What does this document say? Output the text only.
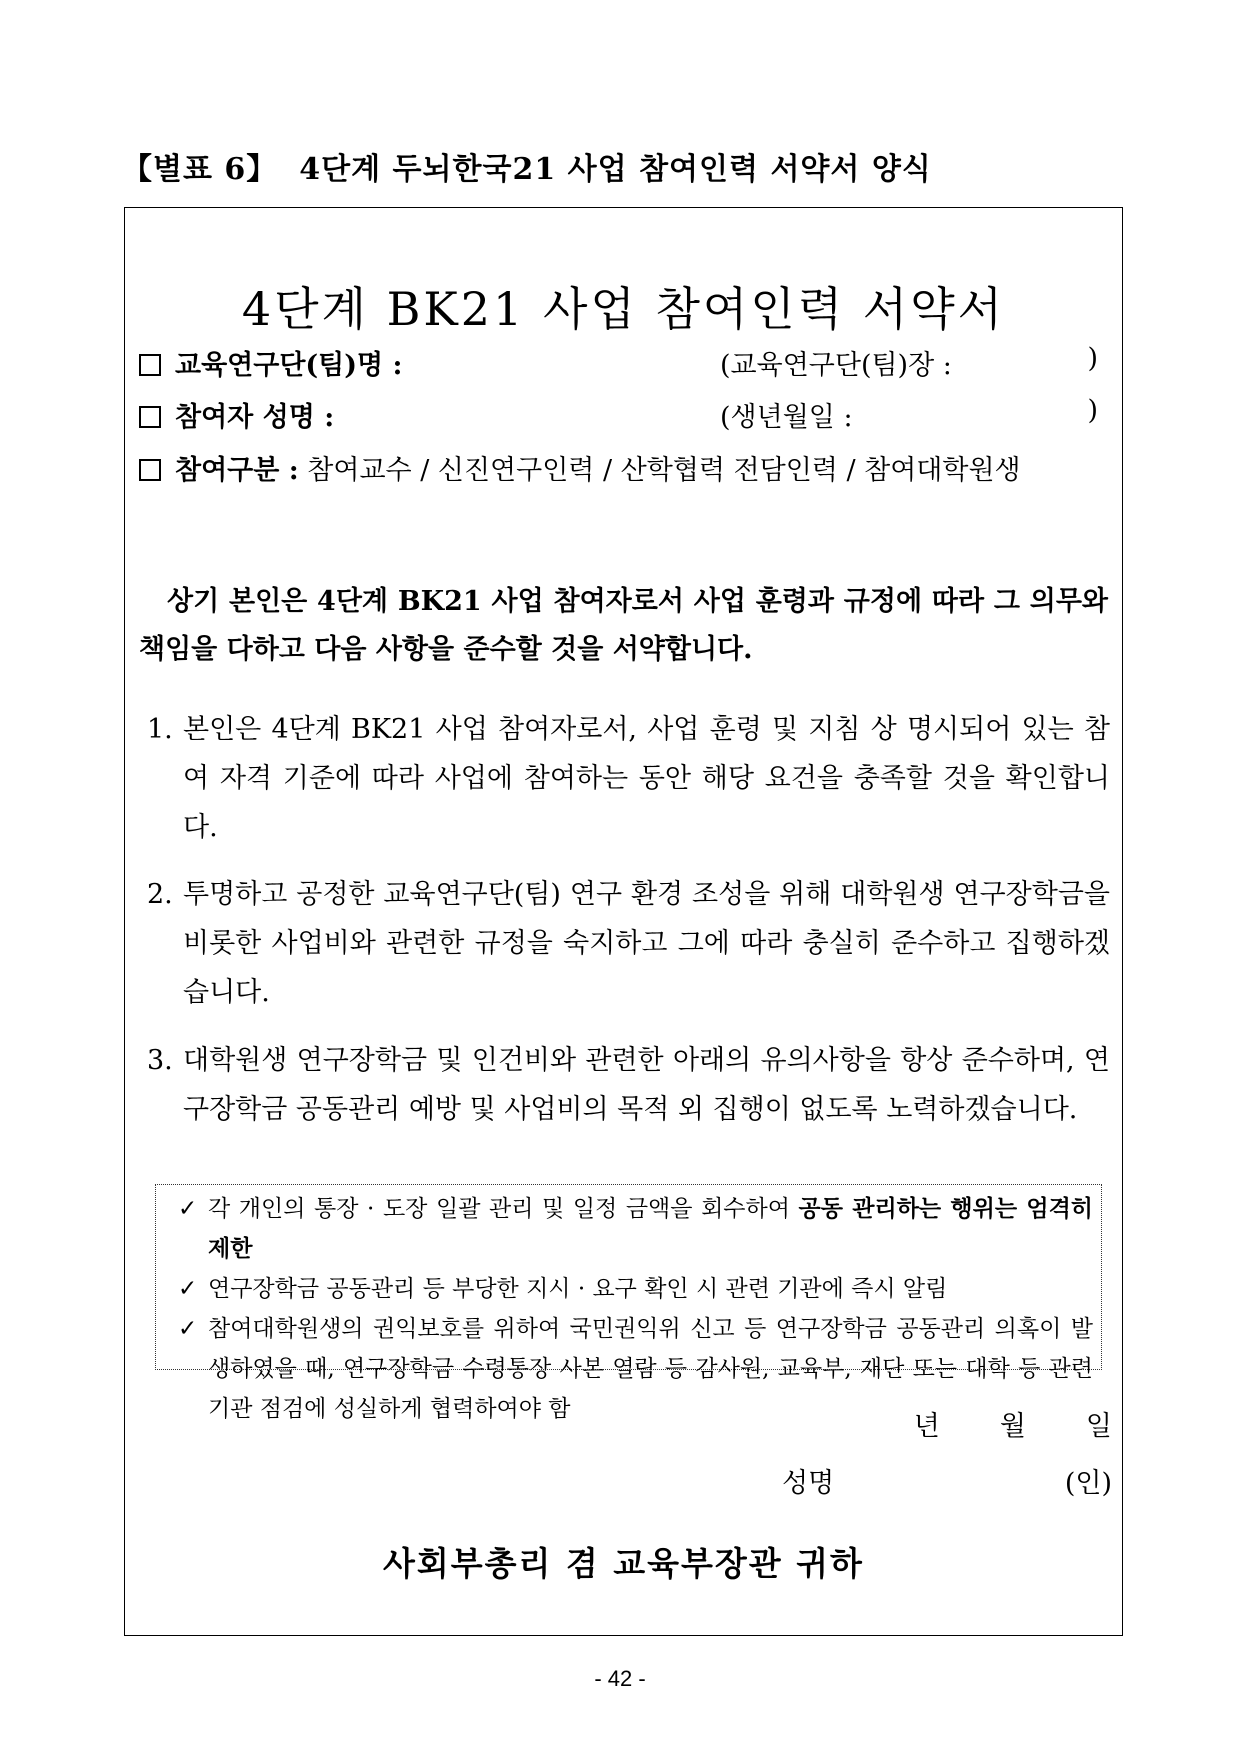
【별표 6】 4단계 두뇌한국21 사업 참여인력 서약서 양식
4단계 BK21 사업 참여인력 서약서
교육연구단(팀)명 :	(교육연구단(팀)장 :	)
참여자 성명 :	(생년월일 :	)
참여구분 : 참여교수 / 신진연구인력 / 산학협력 전담인력 / 참여대학원생
상기 본인은 4단계 BK21 사업 참여자로서 사업 훈령과 규정에 따라 그 의무와 책임을 다하고 다음 사항을 준수할 것을 서약합니다.
1. 본인은 4단계 BK21 사업 참여자로서, 사업 훈령 및 지침 상 명시되어 있는 참여 자격 기준에 따라 사업에 참여하는 동안 해당 요건을 충족할 것을 확인합니다.
2. 투명하고 공정한 교육연구단(팀) 연구 환경 조성을 위해 대학원생 연구장학금을 비롯한 사업비와 관련한 규정을 숙지하고 그에 따라 충실히 준수하고 집행하겠습니다.
3. 대학원생 연구장학금 및 인건비와 관련한 아래의 유의사항을 항상 준수하며, 연구장학금 공동관리 예방 및 사업비의 목적 외 집행이 없도록 노력하겠습니다.
✓ 각 개인의 통장 · 도장 일괄 관리 및 일정 금액을 회수하여 공동 관리하는 행위는 엄격히 제한
✓ 연구장학금 공동관리 등 부당한 지시 · 요구 확인 시 관련 기관에 즉시 알림
✓ 참여대학원생의 권익보호를 위하여 국민권익위 신고 등 연구장학금 공동관리 의혹이 발생하였을 때, 연구장학금 수령통장 사본 열람 등 감사원, 교육부, 재단 또는 대학 등 관련기관 점검에 성실하게 협력하여야 함
년 월 일
성명	(인)
사회부총리 겸 교육부장관 귀하
- 42 -
